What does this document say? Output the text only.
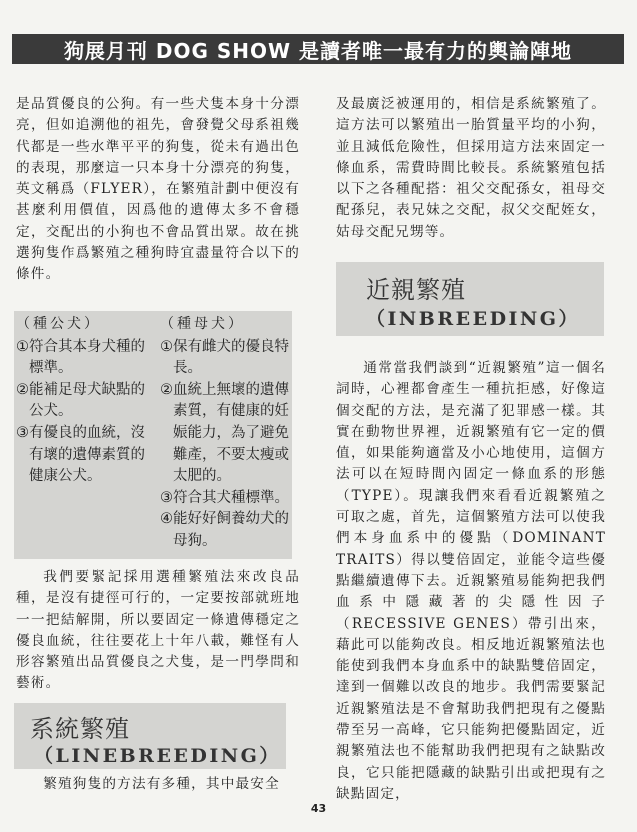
狗展月刊 DOG SHOW 是讀者唯一最有力的輿論陣地

是品質優良的公狗。有一些犬隻本身十分漂亮，但如追溯他的祖先，會發覺父母系祖幾代都是一些水準平平的狗隻，從未有過出色的表現，那麼這一只本身十分漂亮的狗隻，英文稱爲（FLYER），在繁殖計劃中便沒有甚麼利用價值，因爲他的遺傳太多不會穩定，交配出的小狗也不會品質出眾。故在挑選狗隻作爲繁殖之種狗時宜盡量符合以下的條件。

（種公犬）
① 符合其本身犬種的標準。
② 能補足母犬缺點的公犬。
③ 有優良的血統，沒有壞的遺傳素質的健康公犬。
（種母犬）
① 保有雌犬的優良特長。
② 血統上無壞的遺傳素質，有健康的妊娠能力，為了避免難產，不要太瘦或太肥的。
③ 符合其犬種標準。
④ 能好好飼養幼犬的母狗。

我們要緊記採用選種繁殖法來改良品種，是沒有捷徑可行的，一定要按部就班地一一把結解開，所以要固定一條遺傳穩定之優良血統，往往要花上十年八載，難怪有人形容繁殖出品質優良之犬隻，是一門學問和藝術。

系統繁殖
（LINEBREEDING）

繁殖狗隻的方法有多種，其中最安全

及最廣泛被運用的，相信是系統繁殖了。這方法可以繁殖出一胎質量平均的小狗，並且減低危險性，但採用這方法來固定一條血系，需費時間比較長。系統繁殖包括以下之各種配搭：祖父交配孫女，祖母交配孫兒，表兄妹之交配，叔父交配姪女，姑母交配兄甥等。

近親繁殖
（INBREEDING）

通常當我們談到“近親繁殖”這一個名詞時，心裡都會產生一種抗拒感，好像這個交配的方法，是充滿了犯罪感一樣。其實在動物世界裡，近親繁殖有它一定的價值，如果能夠適當及小心地使用，這個方法可以在短時間內固定一條血系的形態（TYPE）。現讓我們來看看近親繁殖之可取之處，首先，這個繁殖方法可以使我們本身血系中的優點（DOMINANT TRAITS）得以雙倍固定，並能令這些優點繼續遺傳下去。近親繁殖易能夠把我們血系中隱藏著的尖隱性因子（RECESSIVE GENES）帶引出來，藉此可以能夠改良。相反地近親繁殖法也能使到我們本身血系中的缺點雙倍固定，達到一個難以改良的地步。我們需要緊記近親繁殖法是不會幫助我們把現有之優點帶至另一高峰，它只能夠把優點固定，近親繁殖法也不能幫助我們把現有之缺點改良，它只能把隱藏的缺點引出或把現有之缺點固定，

43
